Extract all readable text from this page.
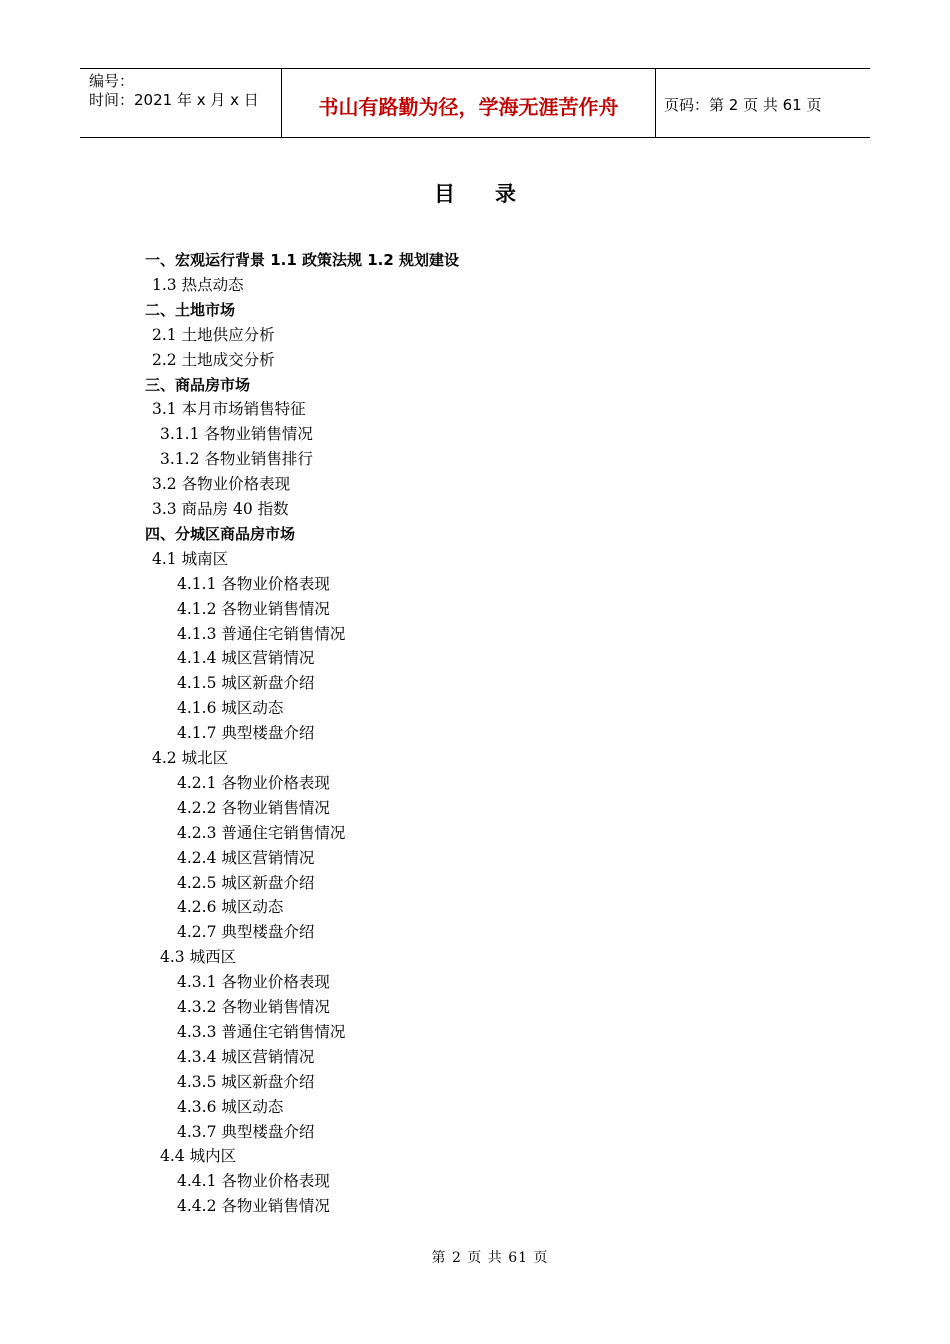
编号：
时间：2021 年 x 月 x 日	书山有路勤为径，学海无涯苦作舟	页码：第 2 页 共 61 页
目录
一、宏观运行背景 1.1 政策法规 1.2 规划建设
1.3 热点动态
二、土地市场
2.1 土地供应分析
2.2 土地成交分析
三、商品房市场
3.1 本月市场销售特征
3.1.1 各物业销售情况
3.1.2 各物业销售排行
3.2 各物业价格表现
3.3 商品房 40 指数
四、分城区商品房市场
4.1 城南区
4.1.1 各物业价格表现
4.1.2 各物业销售情况
4.1.3 普通住宅销售情况
4.1.4 城区营销情况
4.1.5 城区新盘介绍
4.1.6 城区动态
4.1.7 典型楼盘介绍
4.2 城北区
4.2.1 各物业价格表现
4.2.2 各物业销售情况
4.2.3 普通住宅销售情况
4.2.4 城区营销情况
4.2.5 城区新盘介绍
4.2.6 城区动态
4.2.7 典型楼盘介绍
4.3 城西区
4.3.1 各物业价格表现
4.3.2 各物业销售情况
4.3.3 普通住宅销售情况
4.3.4 城区营销情况
4.3.5 城区新盘介绍
4.3.6 城区动态
4.3.7 典型楼盘介绍
4.4 城内区
4.4.1 各物业价格表现
4.4.2 各物业销售情况
第 2 页 共 61 页
